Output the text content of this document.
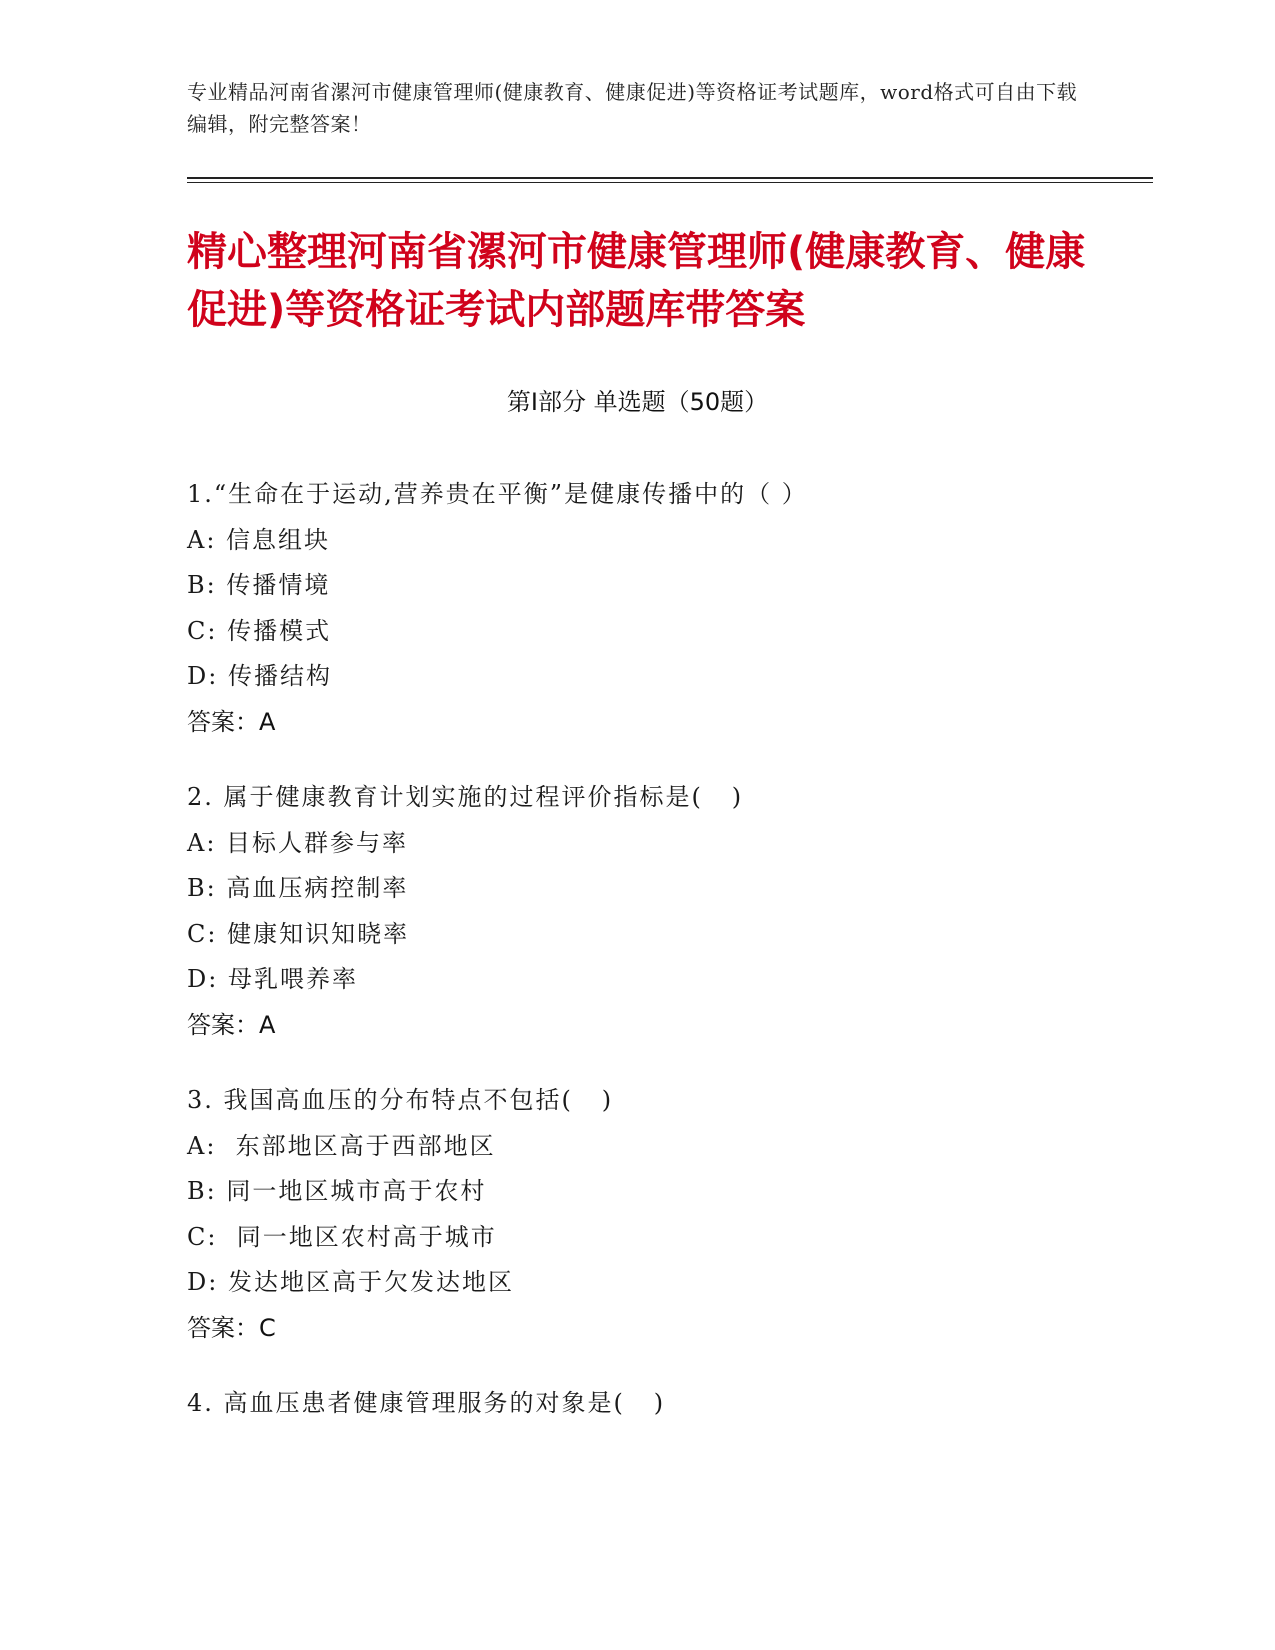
专业精品河南省漯河市健康管理师(健康教育、健康促进)等资格证考试题库，word格式可自由下载编辑，附完整答案！
精心整理河南省漯河市健康管理师(健康教育、健康促进)等资格证考试内部题库带答案
第Ⅰ部分 单选题（50题）
1.“生命在于运动,营养贵在平衡”是健康传播中的（ ）
A: 信息组块
B: 传播情境
C: 传播模式
D: 传播结构
答案：A
2. 属于健康教育计划实施的过程评价指标是(   )
A: 目标人群参与率
B: 高血压病控制率
C: 健康知识知晓率
D: 母乳喂养率
答案：A
3. 我国高血压的分布特点不包括(   )
A:  东部地区高于西部地区
B: 同一地区城市高于农村
C:  同一地区农村高于城市
D: 发达地区高于欠发达地区
答案：C
4. 高血压患者健康管理服务的对象是(   )
